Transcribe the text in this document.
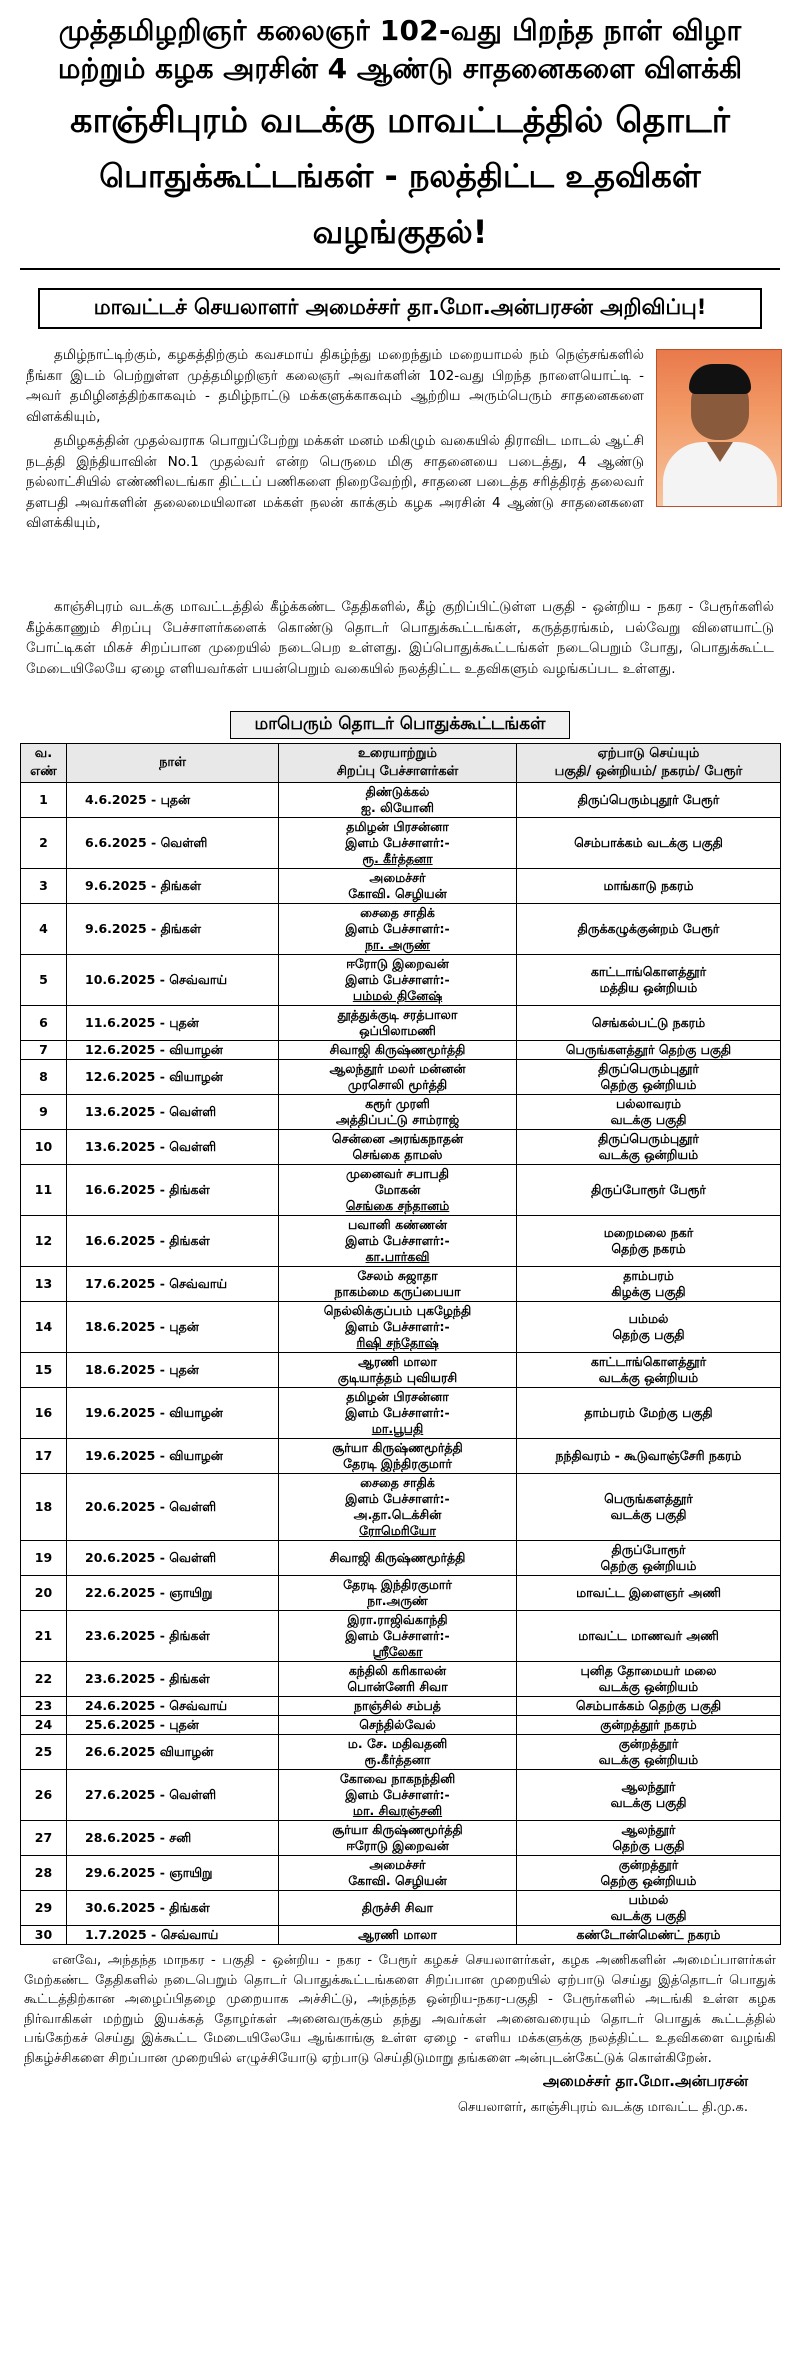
முத்தமிழறிஞர் கலைஞர் 102-வது பிறந்த நாள் விழா
மற்றும் கழக அரசின் 4 ஆண்டு சாதனைகளை விளக்கி
காஞ்சிபுரம் வடக்கு மாவட்டத்தில் தொடர்
பொதுக்கூட்டங்கள் - நலத்திட்ட உதவிகள் வழங்குதல்!
மாவட்டச் செயலாளர் அமைச்சர் தா.மோ.அன்பரசன் அறிவிப்பு!

தமிழ்நாட்டிற்கும், கழகத்திற்கும் கவசமாய் திகழ்ந்து மறைந்தும் மறையாமல் நம் நெஞ்சங்களில் நீங்கா இடம் பெற்றுள்ள முத்தமிழறிஞர் கலைஞர் அவர்களின் 102-வது பிறந்த நாளையொட்டி - அவர் தமிழினத்திற்காகவும் - தமிழ்நாட்டு மக்களுக்காகவும் ஆற்றிய அரும்பெரும் சாதனைகளை விளக்கியும்,

தமிழகத்தின் முதல்வராக பொறுப்பேற்று மக்கள் மனம் மகிழும் வகையில் திராவிட மாடல் ஆட்சி நடத்தி இந்தியாவின் No.1 முதல்வர் என்ற பெருமை மிகு சாதனையை படைத்து, 4 ஆண்டு நல்லாட்சியில் எண்ணிலடங்கா திட்டப் பணிகளை நிறைவேற்றி, சாதனை படைத்த சரித்திரத் தலைவர் தளபதி அவர்களின் தலைமையிலான மக்கள் நலன் காக்கும் கழக அரசின் 4 ஆண்டு சாதனைகளை விளக்கியும்,

காஞ்சிபுரம் வடக்கு மாவட்டத்தில் கீழ்க்கண்ட தேதிகளில், கீழ் குறிப்பிட்டுள்ள பகுதி - ஒன்றிய - நகர - பேரூர்களில் கீழ்க்காணும் சிறப்பு பேச்சாளர்களைக் கொண்டு தொடர் பொதுக்கூட்டங்கள், கருத்தரங்கம், பல்வேறு விளையாட்டு போட்டிகள் மிகச் சிறப்பான முறையில் நடைபெற உள்ளது. இப்பொதுக்கூட்டங்கள் நடைபெறும் போது, பொதுக்கூட்ட மேடையிலேயே ஏழை எளியவர்கள் பயன்பெறும் வகையில் நலத்திட்ட உதவிகளும் வழங்கப்பட உள்ளது.

மாபெரும் தொடர் பொதுக்கூட்டங்கள்
வ. எண்	நாள்	உரையாற்றும்
சிறப்பு பேச்சாளர்கள்	ஏற்பாடு செய்யும்
பகுதி/ ஒன்றியம்/ நகரம்/ பேரூர்

1	4.6.2025 - புதன்	திண்டுக்கல்
ஐ. லியோனி	திருப்பெரும்புதூர் பேரூர்

2	6.6.2025 - வெள்ளி	தமிழன் பிரசன்னா
இளம் பேச்சாளர்:-
ரூ. கீர்த்தனா	செம்பாக்கம் வடக்கு பகுதி

3	9.6.2025 - திங்கள்	அமைச்சர்
கோவி. செழியன்	மாங்காடு நகரம்

4	9.6.2025 - திங்கள்	சைதை சாதிக்
இளம் பேச்சாளர்:-
நா. அருண்	திருக்கழுக்குன்றம் பேரூர்

5	10.6.2025 - செவ்வாய்	ஈரோடு இறைவன்
இளம் பேச்சாளர்:-
பம்மல் தினேஷ்	காட்டாங்கொளத்தூர்
மத்திய ஒன்றியம்

6	11.6.2025 - புதன்	தூத்துக்குடி சரத்பாலா
ஒப்பிலாமணி	செங்கல்பட்டு நகரம்

7	12.6.2025 - வியாழன்	சிவாஜி கிருஷ்ணமூர்த்தி	பெருங்களத்தூர் தெற்கு பகுதி

8	12.6.2025 - வியாழன்	ஆலந்தூர் மலர் மன்னன்
முரசொலி மூர்த்தி	திருப்பெரும்புதூர்
தெற்கு ஒன்றியம்

9	13.6.2025 - வெள்ளி	கரூர் முரளி
அத்திப்பட்டு சாம்ராஜ்	பல்லாவரம்
வடக்கு பகுதி

10	13.6.2025 - வெள்ளி	சென்னை அரங்கநாதன்
செங்கை தாமஸ்	திருப்பெரும்புதூர்
வடக்கு ஒன்றியம்

11	16.6.2025 - திங்கள்	முனைவர் சபாபதி
மோகன்
செங்கை சந்தானம்	திருப்போரூர் பேரூர்

12	16.6.2025 - திங்கள்	பவானி கண்ணன்
இளம் பேச்சாளர்:-
கா.பார்கவி	மறைமலை நகர்
தெற்கு நகரம்

13	17.6.2025 - செவ்வாய்	சேலம் சுஜாதா
நாகம்மை கருப்பையா	தாம்பரம்
கிழக்கு பகுதி

14	18.6.2025 - புதன்	நெல்லிக்குப்பம் புகழேந்தி
இளம் பேச்சாளர்:-
ரிஷி சந்தோஷ்	பம்மல்
தெற்கு பகுதி

15	18.6.2025 - புதன்	ஆரணி மாலா
குடியாத்தம் புவியரசி	காட்டாங்கொளத்தூர்
வடக்கு ஒன்றியம்

16	19.6.2025 - வியாழன்	தமிழன் பிரசன்னா
இளம் பேச்சாளர்:-
மா.பூபதி	தாம்பரம் மேற்கு பகுதி

17	19.6.2025 - வியாழன்	சூர்யா கிருஷ்ணமூர்த்தி
தேரடி இந்திரகுமார்	நந்திவரம் - கூடுவாஞ்சேரி நகரம்

18	20.6.2025 - வெள்ளி	சைதை சாதிக்
இளம் பேச்சாளர்:-
அ.தா.டெக்சின்
ரோமெரியோ	பெருங்களத்தூர்
வடக்கு பகுதி

19	20.6.2025 - வெள்ளி	சிவாஜி கிருஷ்ணமூர்த்தி	திருப்போரூர்
தெற்கு ஒன்றியம்

20	22.6.2025 - ஞாயிறு	தேரடி இந்திரகுமார்
நா.அருண்	மாவட்ட இளைஞர் அணி

21	23.6.2025 - திங்கள்	இரா.ராஜிவ்காந்தி
இளம் பேச்சாளர்:-
ஸ்ரீலேகா	மாவட்ட மாணவர் அணி

22	23.6.2025 - திங்கள்	கந்திலி கரிகாலன்
பொன்னேரி சிவா	புனித தோமையர் மலை
வடக்கு ஒன்றியம்

23	24.6.2025 - செவ்வாய்	நாஞ்சில் சம்பத்	செம்பாக்கம் தெற்கு பகுதி

24	25.6.2025 - புதன்	செந்தில்வேல்	குன்றத்தூர் நகரம்

25	26.6.2025 வியாழன்	ம. சே. மதிவதனி
ரூ.கீர்த்தனா	குன்றத்தூர்
வடக்கு ஒன்றியம்

26	27.6.2025 - வெள்ளி	கோவை நாகநந்தினி
இளம் பேச்சாளர்:-
மா. சிவரஞ்சனி	ஆலந்தூர்
வடக்கு பகுதி

27	28.6.2025 - சனி	சூர்யா கிருஷ்ணமூர்த்தி
ஈரோடு இறைவன்	ஆலந்தூர்
தெற்கு பகுதி

28	29.6.2025 - ஞாயிறு	அமைச்சர்
கோவி. செழியன்	குன்றத்தூர்
தெற்கு ஒன்றியம்

29	30.6.2025 - திங்கள்	திருச்சி சிவா	பம்மல்
வடக்கு பகுதி

30	1.7.2025 - செவ்வாய்	ஆரணி மாலா	கண்டோன்மெண்ட் நகரம்

எனவே, அந்தந்த மாநகர - பகுதி - ஒன்றிய - நகர - பேரூர் கழகச் செயலாளர்கள், கழக அணிகளின் அமைப்பாளர்கள் மேற்கண்ட தேதிகளில் நடைபெறும் தொடர் பொதுக்கூட்டங்களை சிறப்பான முறையில் ஏற்பாடு செய்து இத்தொடர் பொதுக் கூட்டத்திற்கான அழைப்பிதழை முறையாக அச்சிட்டு, அந்தந்த ஒன்றிய-நகர-பகுதி - பேரூர்களில் அடங்கி உள்ள கழக நிர்வாகிகள் மற்றும் இயக்கத் தோழர்கள் அனைவருக்கும் தந்து அவர்கள் அனைவரையும் தொடர் பொதுக் கூட்டத்தில் பங்கேற்கச் செய்து இக்கூட்ட மேடையிலேயே ஆங்காங்கு உள்ள ஏழை - எளிய மக்களுக்கு நலத்திட்ட உதவிகளை வழங்கி நிகழ்ச்சிகளை சிறப்பான முறையில் எழுச்சியோடு ஏற்பாடு செய்திடுமாறு தங்களை அன்புடன்கேட்டுக் கொள்கிறேன்.

அமைச்சர் தா.மோ.அன்பரசன்
செயலாளர், காஞ்சிபுரம் வடக்கு மாவட்ட தி.மு.க.
